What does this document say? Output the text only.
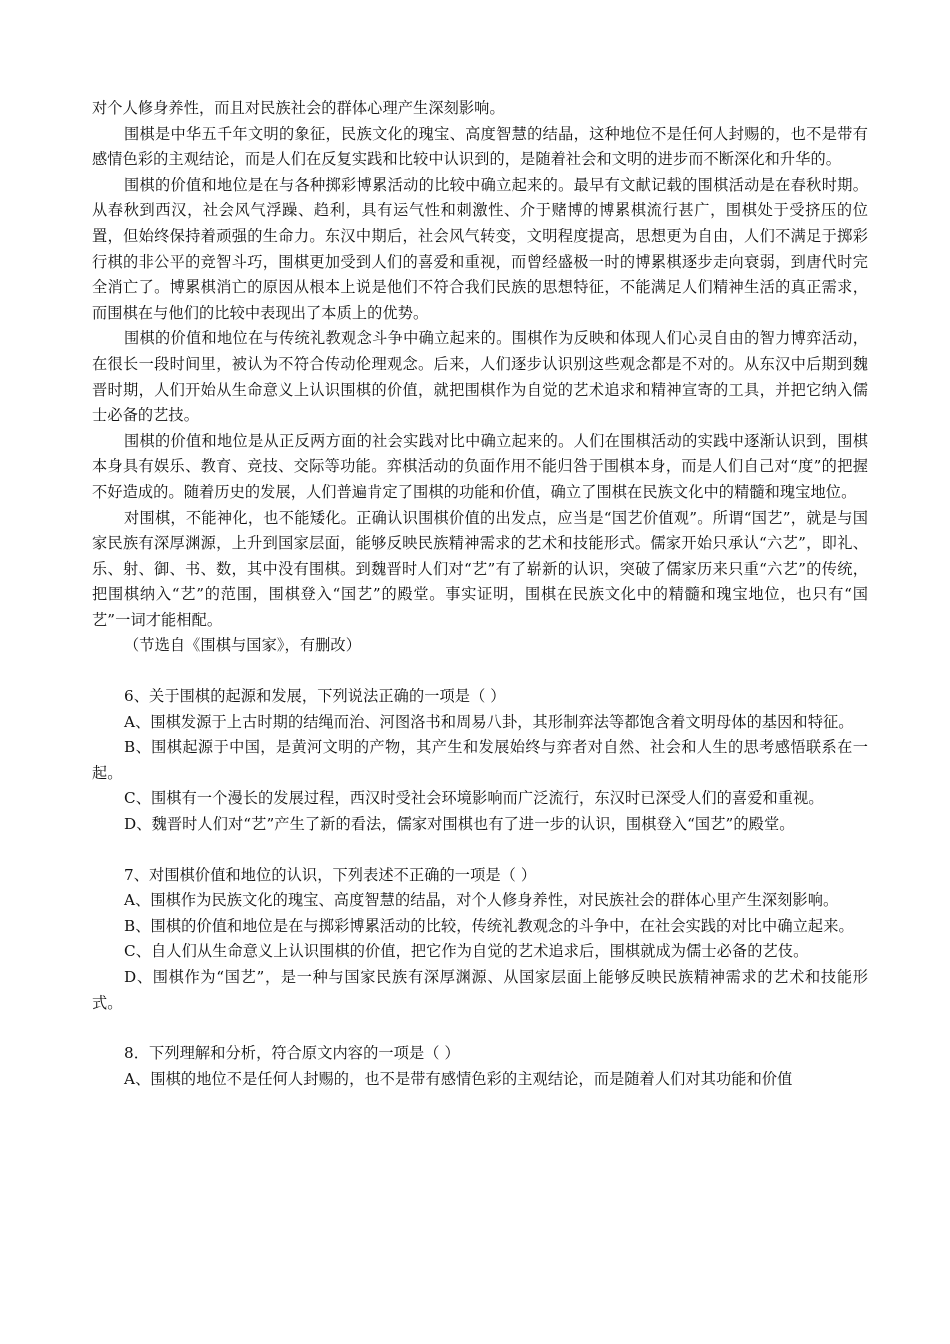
对个人修身养性，而且对民族社会的群体心理产生深刻影响。

围棋是中华五千年文明的象征，民族文化的瑰宝、高度智慧的结晶，这种地位不是任何人封赐的，也不是带有感情色彩的主观结论，而是人们在反复实践和比较中认识到的，是随着社会和文明的进步而不断深化和升华的。

围棋的价值和地位是在与各种掷彩博累活动的比较中确立起来的。最早有文献记载的围棋活动是在春秋时期。从春秋到西汉，社会风气浮躁、趋利，具有运气性和刺激性、介于赌博的博累棋流行甚广，围棋处于受挤压的位置，但始终保持着顽强的生命力。东汉中期后，社会风气转变，文明程度提高，思想更为自由，人们不满足于掷彩行棋的非公平的竞智斗巧，围棋更加受到人们的喜爱和重视，而曾经盛极一时的博累棋逐步走向衰弱，到唐代时完全消亡了。博累棋消亡的原因从根本上说是他们不符合我们民族的思想特征，不能满足人们精神生活的真正需求，而围棋在与他们的比较中表现出了本质上的优势。

围棋的价值和地位在与传统礼教观念斗争中确立起来的。围棋作为反映和体现人们心灵自由的智力博弈活动，在很长一段时间里，被认为不符合传动伦理观念。后来，人们逐步认识别这些观念都是不对的。从东汉中后期到魏晋时期，人们开始从生命意义上认识围棋的价值，就把围棋作为自觉的艺术追求和精神宣寄的工具，并把它纳入儒士必备的艺技。

围棋的价值和地位是从正反两方面的社会实践对比中确立起来的。人们在围棋活动的实践中逐渐认识到，围棋本身具有娱乐、教育、竞技、交际等功能。弈棋活动的负面作用不能归咎于围棋本身，而是人们自己对“度”的把握不好造成的。随着历史的发展，人们普遍肯定了围棋的功能和价值，确立了围棋在民族文化中的精髓和瑰宝地位。

对围棋，不能神化，也不能矮化。正确认识围棋价值的出发点，应当是“国艺价值观”。所谓“国艺”，就是与国家民族有深厚渊源，上升到国家层面，能够反映民族精神需求的艺术和技能形式。儒家开始只承认“六艺”，即礼、乐、射、御、书、数，其中没有围棋。到魏晋时人们对“艺”有了崭新的认识，突破了儒家历来只重“六艺”的传统，把围棋纳入“艺”的范围，围棋登入“国艺”的殿堂。事实证明，围棋在民族文化中的精髓和瑰宝地位，也只有“国艺”一词才能相配。

（节选自《围棋与国家》，有删改）

6、关于围棋的起源和发展，下列说法正确的一项是（ ）

A、围棋发源于上古时期的结绳而治、河图洛书和周易八卦，其形制弈法等都饱含着文明母体的基因和特征。

B、围棋起源于中国，是黄河文明的产物，其产生和发展始终与弈者对自然、社会和人生的思考感悟联系在一起。

C、围棋有一个漫长的发展过程，西汉时受社会环境影响而广泛流行，东汉时已深受人们的喜爱和重视。

D、魏晋时人们对“艺”产生了新的看法，儒家对围棋也有了进一步的认识，围棋登入“国艺”的殿堂。

7、对围棋价值和地位的认识，下列表述不正确的一项是（ ）

A、围棋作为民族文化的瑰宝、高度智慧的结晶，对个人修身养性，对民族社会的群体心里产生深刻影响。

B、围棋的价值和地位是在与掷彩博累活动的比较，传统礼教观念的斗争中，在社会实践的对比中确立起来。

C、自人们从生命意义上认识围棋的价值，把它作为自觉的艺术追求后，围棋就成为儒士必备的艺伎。

D、围棋作为“国艺”，是一种与国家民族有深厚渊源、从国家层面上能够反映民族精神需求的艺术和技能形式。

8．下列理解和分析，符合原文内容的一项是（ ）

A、围棋的地位不是任何人封赐的，也不是带有感情色彩的主观结论，而是随着人们对其功能和价值
